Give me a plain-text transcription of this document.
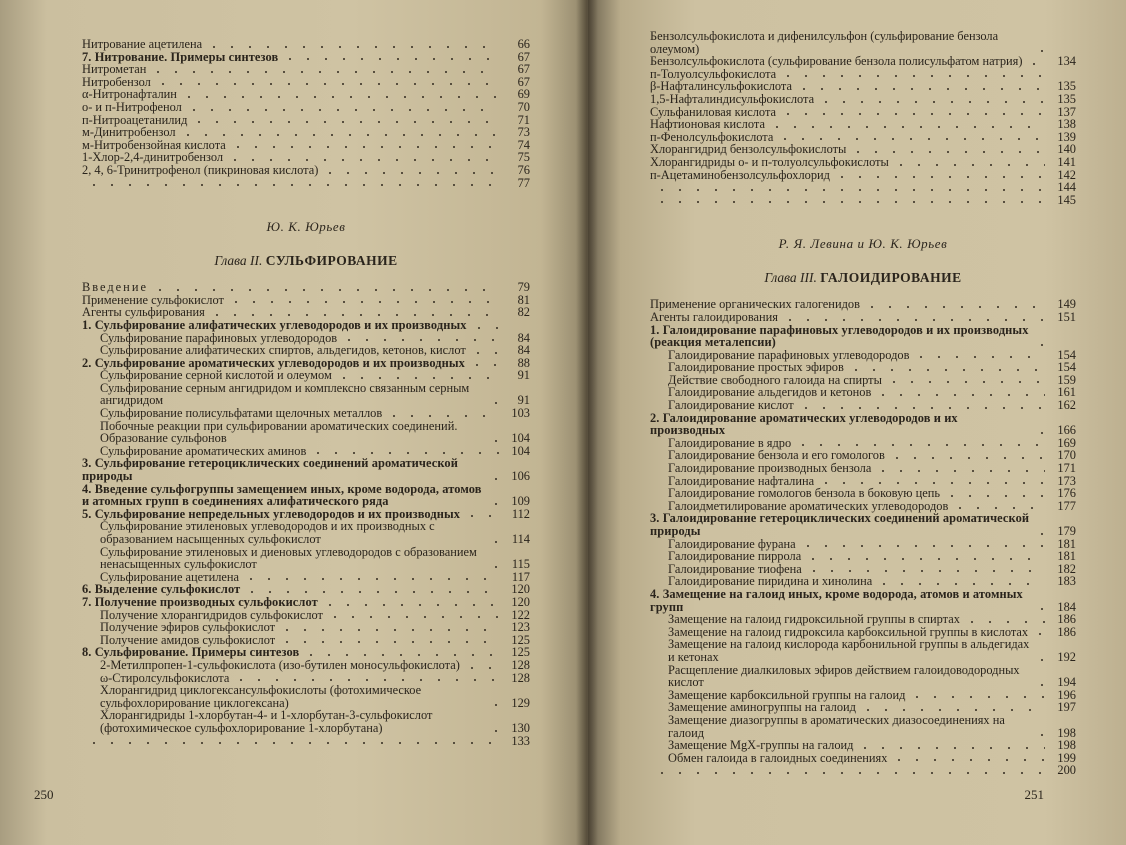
Нитрование ацетилена	66
7. Нитрование. Примеры синтезов	67
Нитрометан	67
Нитробензол	67
α-Нитронафталин	69
о- и п-Нитрофенол	70
п-Нитроацетанилид	71
м-Динитробензол	73
м-Нитробензойная кислота	74
1-Хлор-2,4-динитробензол	75
2, 4, 6-Тринитрофенол (пикриновая кислота)	76
77
Ю. К. Юрьев
Глава II. СУЛЬФИРОВАНИЕ
Введение	79
Применение сульфокислот	81
Агенты сульфирования	82
1. Сульфирование алифатических углеводородов и их производных
Сульфирование парафиновых углеводородов	84
Сульфирование алифатических спиртов, альдегидов, кетонов, кислот	84
2. Сульфирование ароматических углеводородов и их производных	88
Сульфирование серной кислотой и олеумом	91
Сульфирование серным ангидридом и комплексно связанным серным ангидридом	91
Сульфирование полисульфатами щелочных металлов	103
Побочные реакции при сульфировании ароматических соединений. Образование сульфонов	104
Сульфирование ароматических аминов	104
3. Сульфирование гетероциклических соединений ароматической природы	106
4. Введение сульфогруппы замещением иных, кроме водорода, атомов и атомных групп в соединениях алифатического ряда	109
5. Сульфирование непредельных углеводородов и их производных	112
Сульфирование этиленовых углеводородов и их производных с образованием насыщенных сульфокислот	114
Сульфирование этиленовых и диеновых углеводородов с образованием ненасыщенных сульфокислот	115
Сульфирование ацетилена	117
6. Выделение сульфокислот	120
7. Получение производных сульфокислот	120
Получение хлорангидридов сульфокислот	122
Получение эфиров сульфокислот	123
Получение амидов сульфокислот	125
8. Сульфирование. Примеры синтезов	125
2-Метилпропен-1-сульфокислота (изо-бутилен моносульфокислота)	128
ω-Стиролсульфокислота	128
Хлорангидрид циклогексансульфокислоты (фотохимическое сульфохлорирование циклогексана)	129
Хлорангидриды 1-хлорбутан-4- и 1-хлорбутан-3-сульфокислот (фотохимическое сульфохлорирование 1-хлорбутана)	130
133
250
Бензолсульфокислота и дифенилсульфон (сульфирование бензола олеумом)
Бензолсульфокислота (сульфирование бензола полисульфатом натрия)	134
п-Толуолсульфокислота
β-Нафталинсульфокислота	135
1,5-Нафталиндисульфокислота	135
Сульфаниловая кислота	137
Нафтионовая кислота	138
п-Фенолсульфокислота	139
Хлорангидрид бензолсульфокислоты	140
Хлорангидриды о- и п-толуолсульфокислоты	141
п-Ацетаминобензолсульфохлорид	142
144
145
Р. Я. Левина и Ю. К. Юрьев
Глава III. ГАЛОИДИРОВАНИЕ
Применение органических галогенидов	149
Агенты галоидирования	151
1. Галоидирование парафиновых углеводородов и их производных (реакция металепсии)
Галоидирование парафиновых углеводородов	154
Галоидирование простых эфиров	154
Действие свободного галоида на спирты	159
Галоидирование альдегидов и кетонов	161
Галоидирование кислот	162
2. Галоидирование ароматических углеводородов и их производных	166
Галоидирование в ядро	169
Галоидирование бензола и его гомологов	170
Галоидирование производных бензола	171
Галоидирование нафталина	173
Галоидирование гомологов бензола в боковую цепь	176
Галоидметилирование ароматических углеводородов	177
3. Галоидирование гетероциклических соединений ароматической природы	179
Галоидирование фурана	181
Галоидирование пиррола	181
Галоидирование тиофена	182
Галоидирование пиридина и хинолина	183
4. Замещение на галоид иных, кроме водорода, атомов и атомных групп	184
Замещение на галоид гидроксильной группы в спиртах	186
Замещение на галоид гидроксила карбоксильной группы в кислотах	186
Замещение на галоид кислорода карбонильной группы в альдегидах и кетонах	192
Расщепление диалкиловых эфиров действием галоидоводородных кислот	194
Замещение карбоксильной группы на галоид	196
Замещение аминогруппы на галоид	197
Замещение диазогруппы в ароматических диазосоединениях на галоид	198
Замещение MgX-группы на галоид	198
Обмен галоида в галоидных соединениях	199
200
251
